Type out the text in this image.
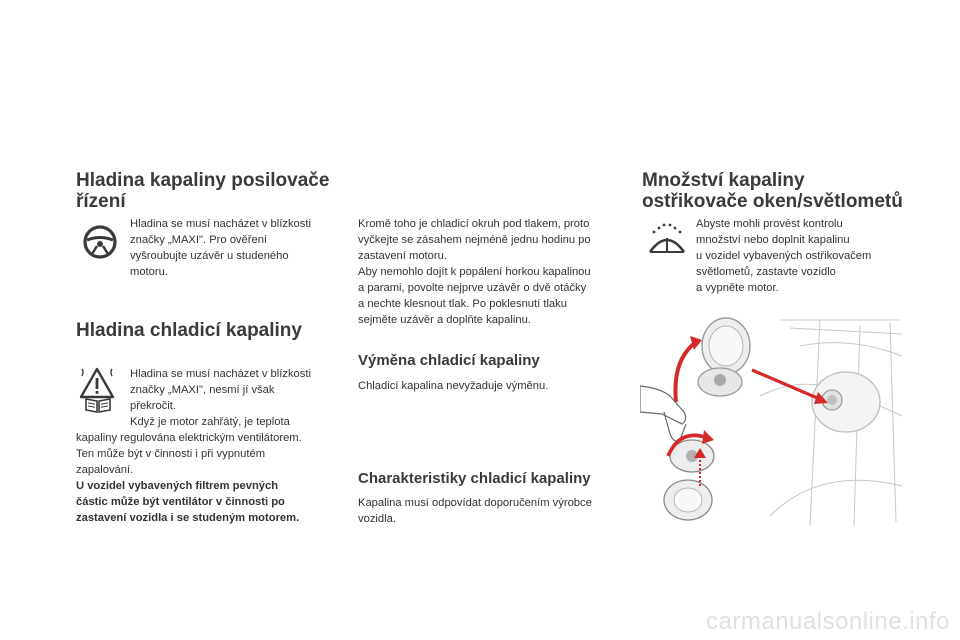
Hladina kapaliny posilovače
řízení

Hladina se musí nacházet v blízkosti

značky „MAXI". Pro ověření

vyšroubujte uzávěr u studeného

motoru.

Hladina chladicí kapaliny

Hladina se musí nacházet v blízkosti

značky „MAXI", nesmí jí však

překročit.

Když je motor zahřátý, je teplota

kapaliny regulována elektrickým ventilátorem.

Ten může být v činnosti i při vypnutém

zapalování.

U vozidel vybavených filtrem pevných

částic může být ventilátor v činnosti po

zastavení vozidla i se studeným motorem.

Kromě toho je chladicí okruh pod tlakem, proto

vyčkejte se zásahem nejméně jednu hodinu po

zastavení motoru.

Aby nemohlo dojít k popálení horkou kapalinou

a parami, povolte nejprve uzávěr o dvě otáčky

a nechte klesnout tlak. Po poklesnutí tlaku

sejměte uzávěr a doplňte kapalinu.

Výměna chladicí kapaliny

Chladicí kapalina nevyžaduje výměnu.

Charakteristiky chladicí kapaliny

Kapalina musí odpovídat doporučením výrobce

vozidla.

Množství kapaliny
ostřikovače oken/světlometů

Abyste mohli provést kontrolu

množství nebo doplnit kapalinu

u vozidel vybavených ostřikovačem

světlometů, zastavte vozidlo

a vypněte motor.

carmanualsonline.info
